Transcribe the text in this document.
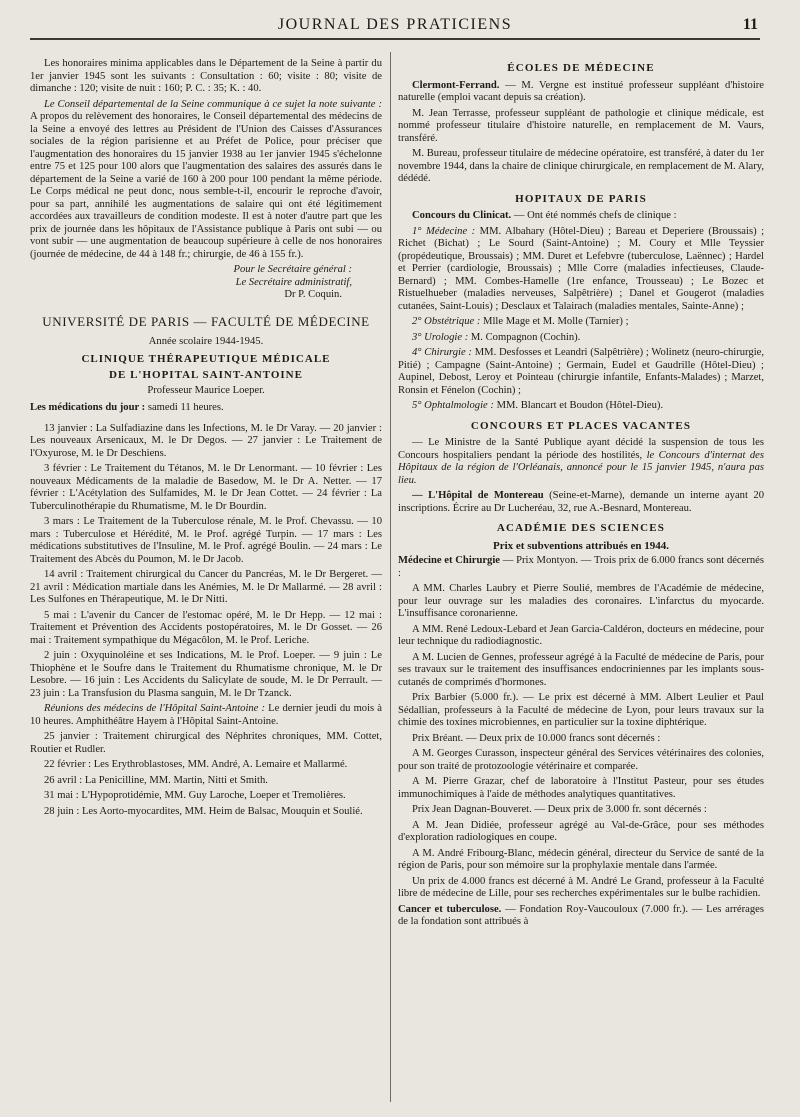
JOURNAL DES PRATICIENS	11

Les honoraires minima applicables dans le Département de la Seine à partir du 1er janvier 1945 sont les suivants : Consultation : 60; visite : 80; visite de dimanche : 120; visite de nuit : 160; P. C. : 35; K. : 40.

Le Conseil départemental de la Seine communique à ce sujet la note suivante : A propos du relèvement des honoraires, le Conseil départemental des médecins de la Seine a envoyé des lettres au Président de l'Union des Caisses d'Assurances sociales de la région parisienne et au Préfet de Police, pour préciser que l'augmentation des honoraires du 15 janvier 1938 au 1er janvier 1945 s'échelonne entre 75 et 125 pour 100 alors que l'augmentation des salaires des assurés dans le département de la Seine a varié de 160 à 200 pour 100 pendant la même période. Le Corps médical ne peut donc, nous semble-t-il, encourir le reproche d'avoir, pour sa part, annihilé les augmentations de salaire qui ont été légitimement accordées aux travailleurs de condition modeste. Il est à noter d'autre part que les prix de journée dans les hôpitaux de l'Assistance publique à Paris ont subi — ou vont subir — une augmentation de beaucoup supérieure à celle de nos honoraires (journée de médecine, de 44 à 148 fr.; chirurgie, de 46 à 155 fr.).

Pour le Secrétaire général :

Le Secrétaire administratif,

Dr P. Coquin.

UNIVERSITÉ DE PARIS — FACULTÉ DE MÉDECINE

Année scolaire 1944-1945.

CLINIQUE THÉRAPEUTIQUE MÉDICALE

DE L'HOPITAL SAINT-ANTOINE

Professeur Maurice Loeper.

Les médications du jour : samedi 11 heures.

13 janvier : La Sulfadiazine dans les Infections, M. le Dr Varay. — 20 janvier : Les nouveaux Arsenicaux, M. le Dr Degos. — 27 janvier : Le Traitement de l'Oxyurose, M. le Dr Deschiens.

3 février : Le Traitement du Tétanos, M. le Dr Lenormant. — 10 février : Les nouveaux Médicaments de la maladie de Basedow, M. le Dr A. Netter. — 17 février : L'Acétylation des Sulfamides, M. le Dr Jean Cottet. — 24 février : La Tuberculinothérapie du Rhumatisme, M. le Dr Bourdin.

3 mars : Le Traitement de la Tuberculose rénale, M. le Prof. Chevassu. — 10 mars : Tuberculose et Hérédité, M. le Prof. agrégé Turpin. — 17 mars : Les médications substitutives de l'Insuline, M. le Prof. agrégé Boulin. — 24 mars : Le Traitement des Abcès du Poumon, M. le Dr Jacob.

14 avril : Traitement chirurgical du Cancer du Pancréas, M. le Dr Bergeret. — 21 avril : Médication martiale dans les Anémies, M. le Dr Mallarmé. — 28 avril : Les Sulfones en Thérapeutique, M. le Dr Nitti.

5 mai : L'avenir du Cancer de l'estomac opéré, M. le Dr Hepp. — 12 mai : Traitement et Prévention des Accidents postopératoires, M. le Dr Gosset. — 26 mai : Traitement sympathique du Mégacôlon, M. le Prof. Leriche.

2 juin : Oxyquinoléine et ses Indications, M. le Prof. Loeper. — 9 juin : Le Thiophène et le Soufre dans le Traitement du Rhumatisme chronique, M. le Dr Lesobre. — 16 juin : Les Accidents du Salicylate de soude, M. le Dr Perrault. — 23 juin : La Transfusion du Plasma sanguin, M. le Dr Tzanck.

Réunions des médecins de l'Hôpital Saint-Antoine : Le dernier jeudi du mois à 10 heures. Amphithéâtre Hayem à l'Hôpital Saint-Antoine.

25 janvier : Traitement chirurgical des Néphrites chroniques, MM. Cottet, Routier et Rudler.

22 février : Les Erythroblastoses, MM. André, A. Lemaire et Mallarmé.

26 avril : La Penicilline, MM. Martin, Nitti et Smith.

31 mai : L'Hypoprotidémie, MM. Guy Laroche, Loeper et Tremolières.

28 juin : Les Aorto-myocardites, MM. Heim de Balsac, Mouquin et Soulié.

ÉCOLES DE MÉDECINE

Clermont-Ferrand. — M. Vergne est institué professeur suppléant d'histoire naturelle (emploi vacant depuis sa création).

M. Jean Terrasse, professeur suppléant de pathologie et clinique médicale, est nommé professeur titulaire d'histoire naturelle, en remplacement de M. Vaurs, transféré.

M. Bureau, professeur titulaire de médecine opératoire, est transféré, à dater du 1er novembre 1944, dans la chaire de clinique chirurgicale, en remplacement de M. Alary, dédédé.

HOPITAUX DE PARIS

Concours du Clinicat. — Ont été nommés chefs de clinique :

1° Médecine : MM. Albahary (Hôtel-Dieu) ; Bareau et Deperiere (Broussais) ; Richet (Bichat) ; Le Sourd (Saint-Antoine) ; M. Coury et Mlle Teyssier (propédeutique, Broussais) ; MM. Duret et Lefebvre (tuberculose, Laënnec) ; Hardel et Perrier (cardiologie, Broussais) ; Mlle Corre (maladies infectieuses, Claude-Bernard) ; MM. Combes-Hamelle (1re enfance, Trousseau) ; Le Bozec et Ristuelhueber (maladies nerveuses, Salpêtrière) ; Danel et Gougerot (maladies cutanées, Saint-Louis) ; Desclaux et Talairach (maladies mentales, Sainte-Anne) ;

2° Obstétrique : Mlle Mage et M. Molle (Tarnier) ;

3° Urologie : M. Compagnon (Cochin).

4° Chirurgie : MM. Desfosses et Leandri (Salpêtrière) ; Wolinetz (neuro-chirurgie, Pitié) ; Campagne (Saint-Antoine) ; Germain, Eudel et Gaudrille (Hôtel-Dieu) ; Aupinel, Debost, Leroy et Pointeau (chirurgie infantile, Enfants-Malades) ; Marzet, Ronsin et Fénelon (Cochin) ;

5° Ophtalmologie : MM. Blancart et Boudon (Hôtel-Dieu).

CONCOURS ET PLACES VACANTES

— Le Ministre de la Santé Publique ayant décidé la suspension de tous les Concours hospitaliers pendant la période des hostilités, le Concours d'internat des Hôpitaux de la région de l'Orléanais, annoncé pour le 15 janvier 1945, n'aura pas lieu.

— L'Hôpital de Montereau (Seine-et-Marne), demande un interne ayant 20 inscriptions. Écrire au Dr Lucheréau, 32, rue A.-Besnard, Montereau.

ACADÉMIE DES SCIENCES

Prix et subventions attribués en 1944.

Médecine et Chirurgie — Prix Montyon. — Trois prix de 6.000 francs sont décernés :

A MM. Charles Laubry et Pierre Soulié, membres de l'Académie de médecine, pour leur ouvrage sur les maladies des coronaires. L'infarctus du myocarde. L'insuffisance coronarienne.

A MM. René Ledoux-Lebard et Jean Garcia-Caldéron, docteurs en médecine, pour leur technique du radiodiagnostic.

A M. Lucien de Gennes, professeur agrégé à la Faculté de médecine de Paris, pour ses travaux sur le traitement des insuffisances endocriniennes par les implants sous-cutanés de comprimés d'hormones.

Prix Barbier (5.000 fr.). — Le prix est décerné à MM. Albert Leulier et Paul Sédallian, professeurs à la Faculté de médecine de Lyon, pour leurs travaux sur la chimie des toxines microbiennes, en particulier sur la toxine diphtérique.

Prix Bréant. — Deux prix de 10.000 francs sont décernés :

A M. Georges Curasson, inspecteur général des Services vétérinaires des colonies, pour son traité de protozoologie vétérinaire et comparée.

A M. Pierre Grazar, chef de laboratoire à l'Institut Pasteur, pour ses études immunochimiques à l'aide de méthodes analytiques quantitatives.

Prix Jean Dagnan-Bouveret. — Deux prix de 3.000 fr. sont décernés :

A M. Jean Didiée, professeur agrégé au Val-de-Grâce, pour ses méthodes d'exploration radiologiques en coupe.

A M. André Fribourg-Blanc, médecin général, directeur du Service de santé de la région de Paris, pour son mémoire sur la prophylaxie mentale dans l'armée.

Un prix de 4.000 francs est décerné à M. André Le Grand, professeur à la Faculté libre de médecine de Lille, pour ses recherches expérimentales sur le bulbe rachidien.

Cancer et tuberculose. — Fondation Roy-Vaucouloux (7.000 fr.). — Les arrérages de la fondation sont attribués à
